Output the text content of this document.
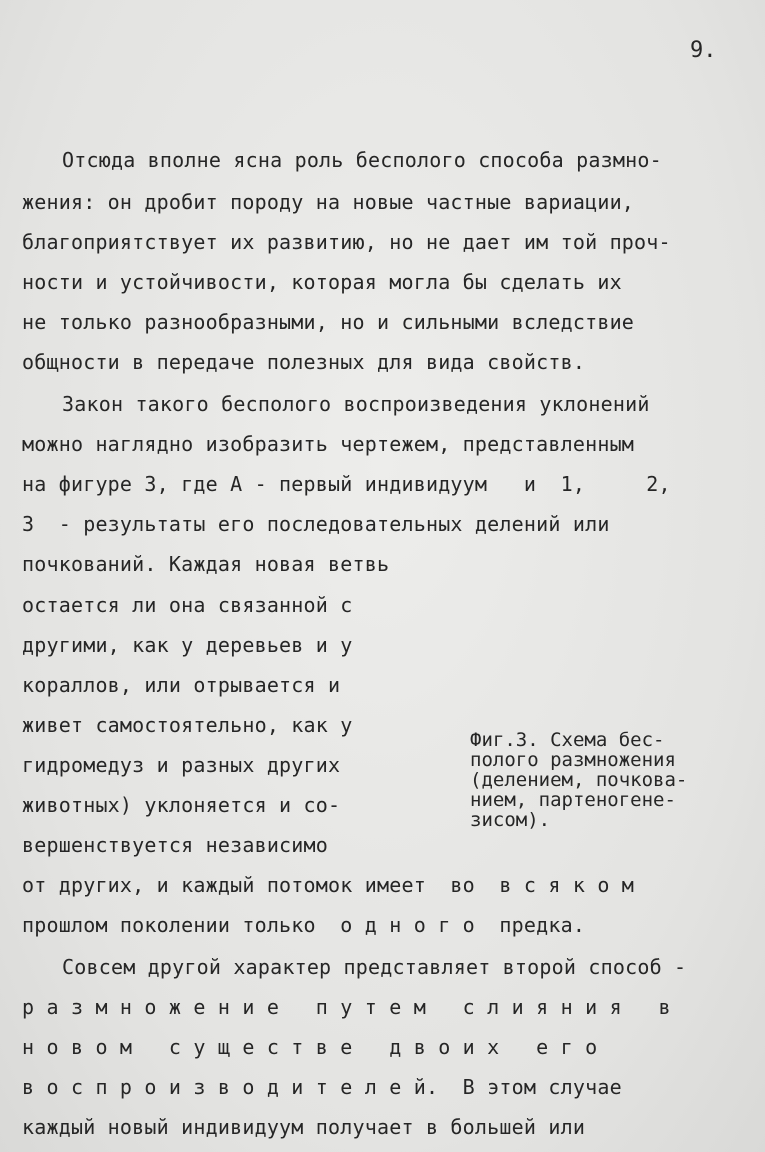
9.
Отсюда вполне ясна роль бесполого способа размно-
жения: он дробит породу на новые частные вариации,
благоприятствует их развитию, но не дает им той проч-
ности и устойчивости, которая могла бы сделать их
не только разнообразными, но и сильными вследствие
общности в передаче полезных для вида свойств.
Закон такого бесполого воспроизведения уклонений
можно наглядно изобразить чертежем, представленным
на фигуре 3, где A - первый индивидуум   и  1,     2,
3  - результаты его последовательных делений или
почкований. Каждая новая ветвь
остается ли она связанной с
другими, как у деревьев и у
кораллов, или отрывается и
живет самостоятельно, как у
гидромедуз и разных других
животных) уклоняется и со-
вершенствуется независимо
от других, и каждый потомок имеет  во  в с я к о м
прошлом поколении только  о д н о г о  предка.
Совсем другой характер представляет второй способ -
р а з м н о ж е н и е   п у т е м   с л и я н и я   в
н о в о м   с у щ е с т в е   д в о и х   е г о
в о с п р о и з в о д и т е л е й.  В этом случае
каждый новый индивидуум получает в большей или
Фиг.3. Схема бес-
полого размножения
(делением, почкова-
нием, партеногене-
зисом).
